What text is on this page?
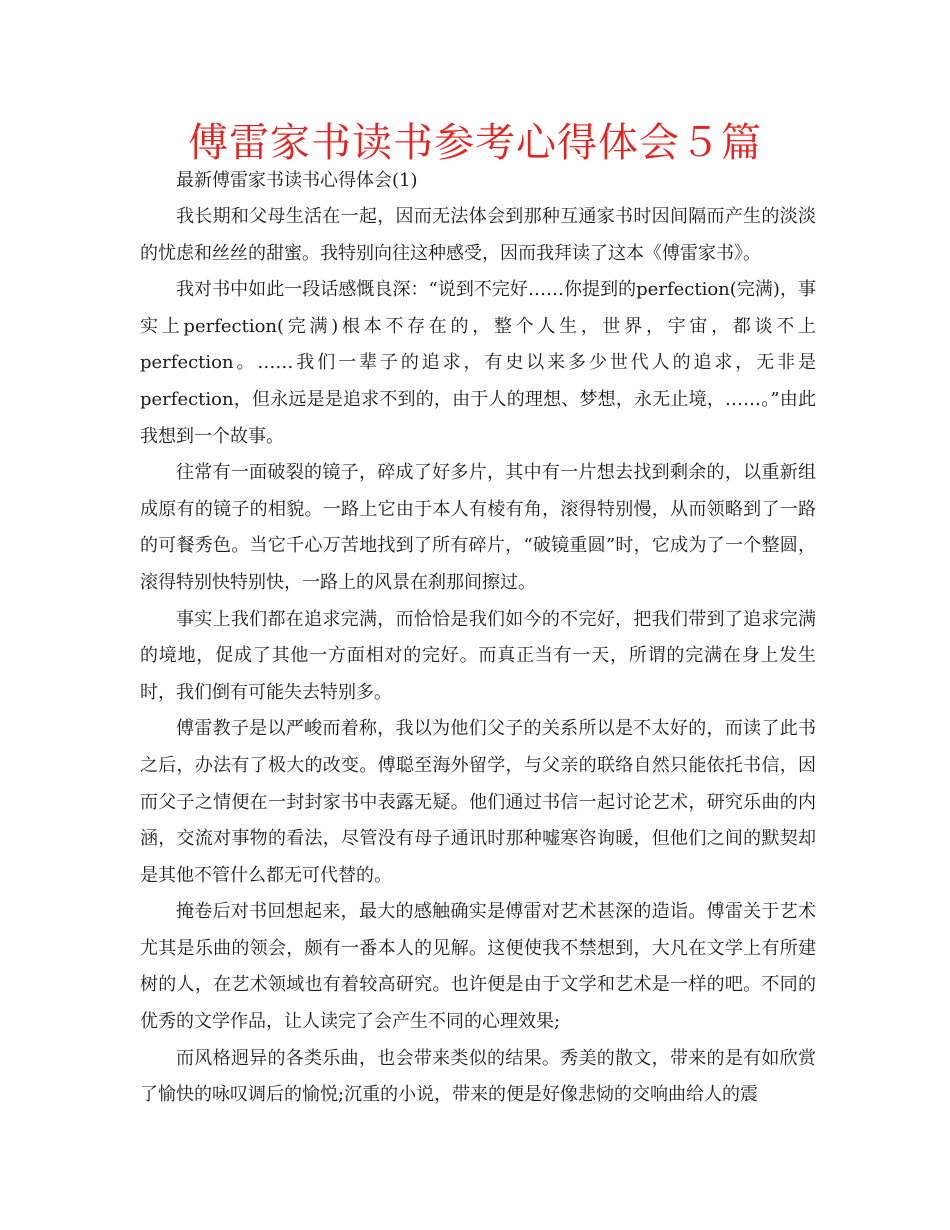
傅雷家书读书参考心得体会５篇

最新傅雷家书读书心得体会(1)

我长期和父母生活在一起，因而无法体会到那种互通家书时因间隔而产生的淡淡的忧虑和丝丝的甜蜜。我特别向往这种感受，因而我拜读了这本《傅雷家书》。

我对书中如此一段话感慨良深：“说到不完好……你提到的perfection(完满)，事实上perfection(完满)根本不存在的，整个人生，世界，宇宙，都谈不上perfection。……我们一辈子的追求，有史以来多少世代人的追求，无非是perfection，但永远是是追求不到的，由于人的理想、梦想，永无止境，……。”由此我想到一个故事。

往常有一面破裂的镜子，碎成了好多片，其中有一片想去找到剩余的，以重新组成原有的镜子的相貌。一路上它由于本人有棱有角，滚得特别慢，从而领略到了一路的可餐秀色。当它千心万苦地找到了所有碎片，“破镜重圆”时，它成为了一个整圆，滚得特别快特别快，一路上的风景在刹那间擦过。

事实上我们都在追求完满，而恰恰是我们如今的不完好，把我们带到了追求完满的境地，促成了其他一方面相对的完好。而真正当有一天，所谓的完满在身上发生时，我们倒有可能失去特别多。

傅雷教子是以严峻而着称，我以为他们父子的关系所以是不太好的，而读了此书之后，办法有了极大的改变。傅聪至海外留学，与父亲的联络自然只能依托书信，因而父子之情便在一封封家书中表露无疑。他们通过书信一起讨论艺术，研究乐曲的内涵，交流对事物的看法，尽管没有母子通讯时那种嘘寒咨询暖，但他们之间的默契却是其他不管什么都无可代替的。

掩卷后对书回想起来，最大的感触确实是傅雷对艺术甚深的造诣。傅雷关于艺术尤其是乐曲的领会，颇有一番本人的见解。这便使我不禁想到，大凡在文学上有所建树的人，在艺术领域也有着较高研究。也许便是由于文学和艺术是一样的吧。不同的优秀的文学作品，让人读完了会产生不同的心理效果;

而风格迥异的各类乐曲，也会带来类似的结果。秀美的散文，带来的是有如欣赏了愉快的咏叹调后的愉悦;沉重的小说，带来的便是好像悲恸的交响曲给人的震
